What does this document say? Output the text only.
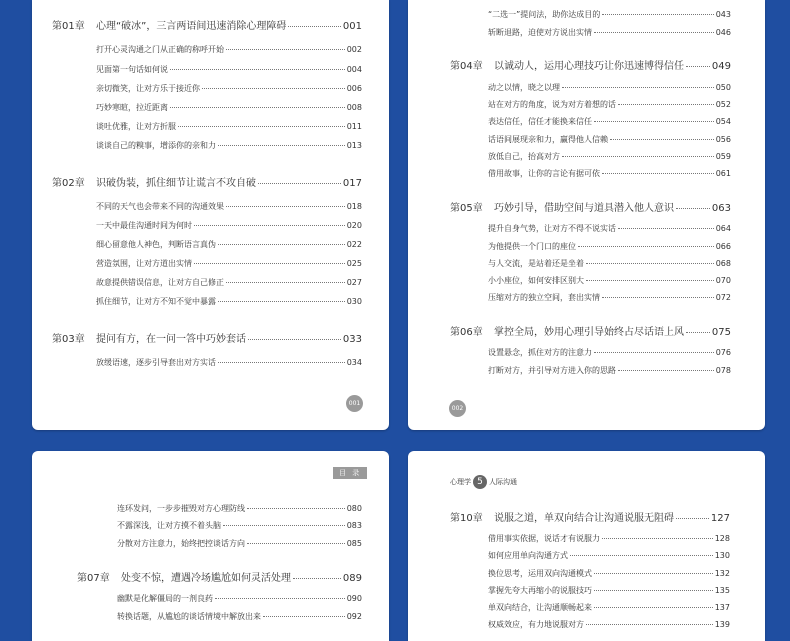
第01章	心理“破冰”，三言两语间迅速消除心理障碍	001
打开心灵沟通之门从正确的称呼开始	002
见面第一句话如何说	004
亲切微笑，让对方乐于接近你	006
巧妙寒暄，拉近距离	008
谈吐优雅，让对方折服	011
谈谈自己的糗事，增添你的亲和力	013
第02章	识破伪装，抓住细节让谎言不攻自破	017
不同的天气也会带来不同的沟通效果	018
一天中最佳沟通时间为何时	020
细心留意他人神色，判断语言真伪	022
营造氛围，让对方道出实情	025
故意提供错误信息，让对方自己修正	027
抓住细节，让对方不知不觉中暴露	030
第03章	提问有方，在一问一答中巧妙套话	033
放缓语速，逐步引导套出对方实话	034
001
“二选一”提问法，助你达成目的	043
斩断退路，迫使对方说出实情	046
第04章	以诚动人，运用心理技巧让你迅速博得信任	049
动之以情，晓之以理	050
站在对方的角度，说为对方着想的话	052
表达信任，信任才能换来信任	054
话语间展现亲和力，赢得他人信赖	056
放低自己，抬高对方	059
借用故事，让你的言论有据可依	061
第05章	巧妙引导，借助空间与道具潜入他人意识	063
提升自身气势，让对方不得不说实话	064
为他提供一个门口的座位	066
与人交流，是站着还是坐着	068
小小座位，如何安排区别大	070
压缩对方的独立空间，套出实情	072
第06章	掌控全局，妙用心理引导始终占尽话语上风	075
设置悬念，抓住对方的注意力	076
打断对方，并引导对方进入你的思路	078
002
目 录
连环发问，一步步摧毁对方心理防线	080
不露深浅，让对方摸不着头脑	083
分散对方注意力，始终把控谈话方向	085
第07章	处变不惊，遭遇冷场尴尬如何灵活处理	089
幽默是化解僵局的一剂良药	090
转换话题，从尴尬的谈话情境中解放出来	092
心理学 5 人际沟通
第10章	说服之道，单双向结合让沟通说服无阻碍	127
借用事实依据，说话才有说服力	128
如何应用单向沟通方式	130
换位思考，运用双向沟通模式	132
掌握先夸大再缩小的说服技巧	135
单双向结合，让沟通顺畅起来	137
权威效应，有力地说服对方	139
